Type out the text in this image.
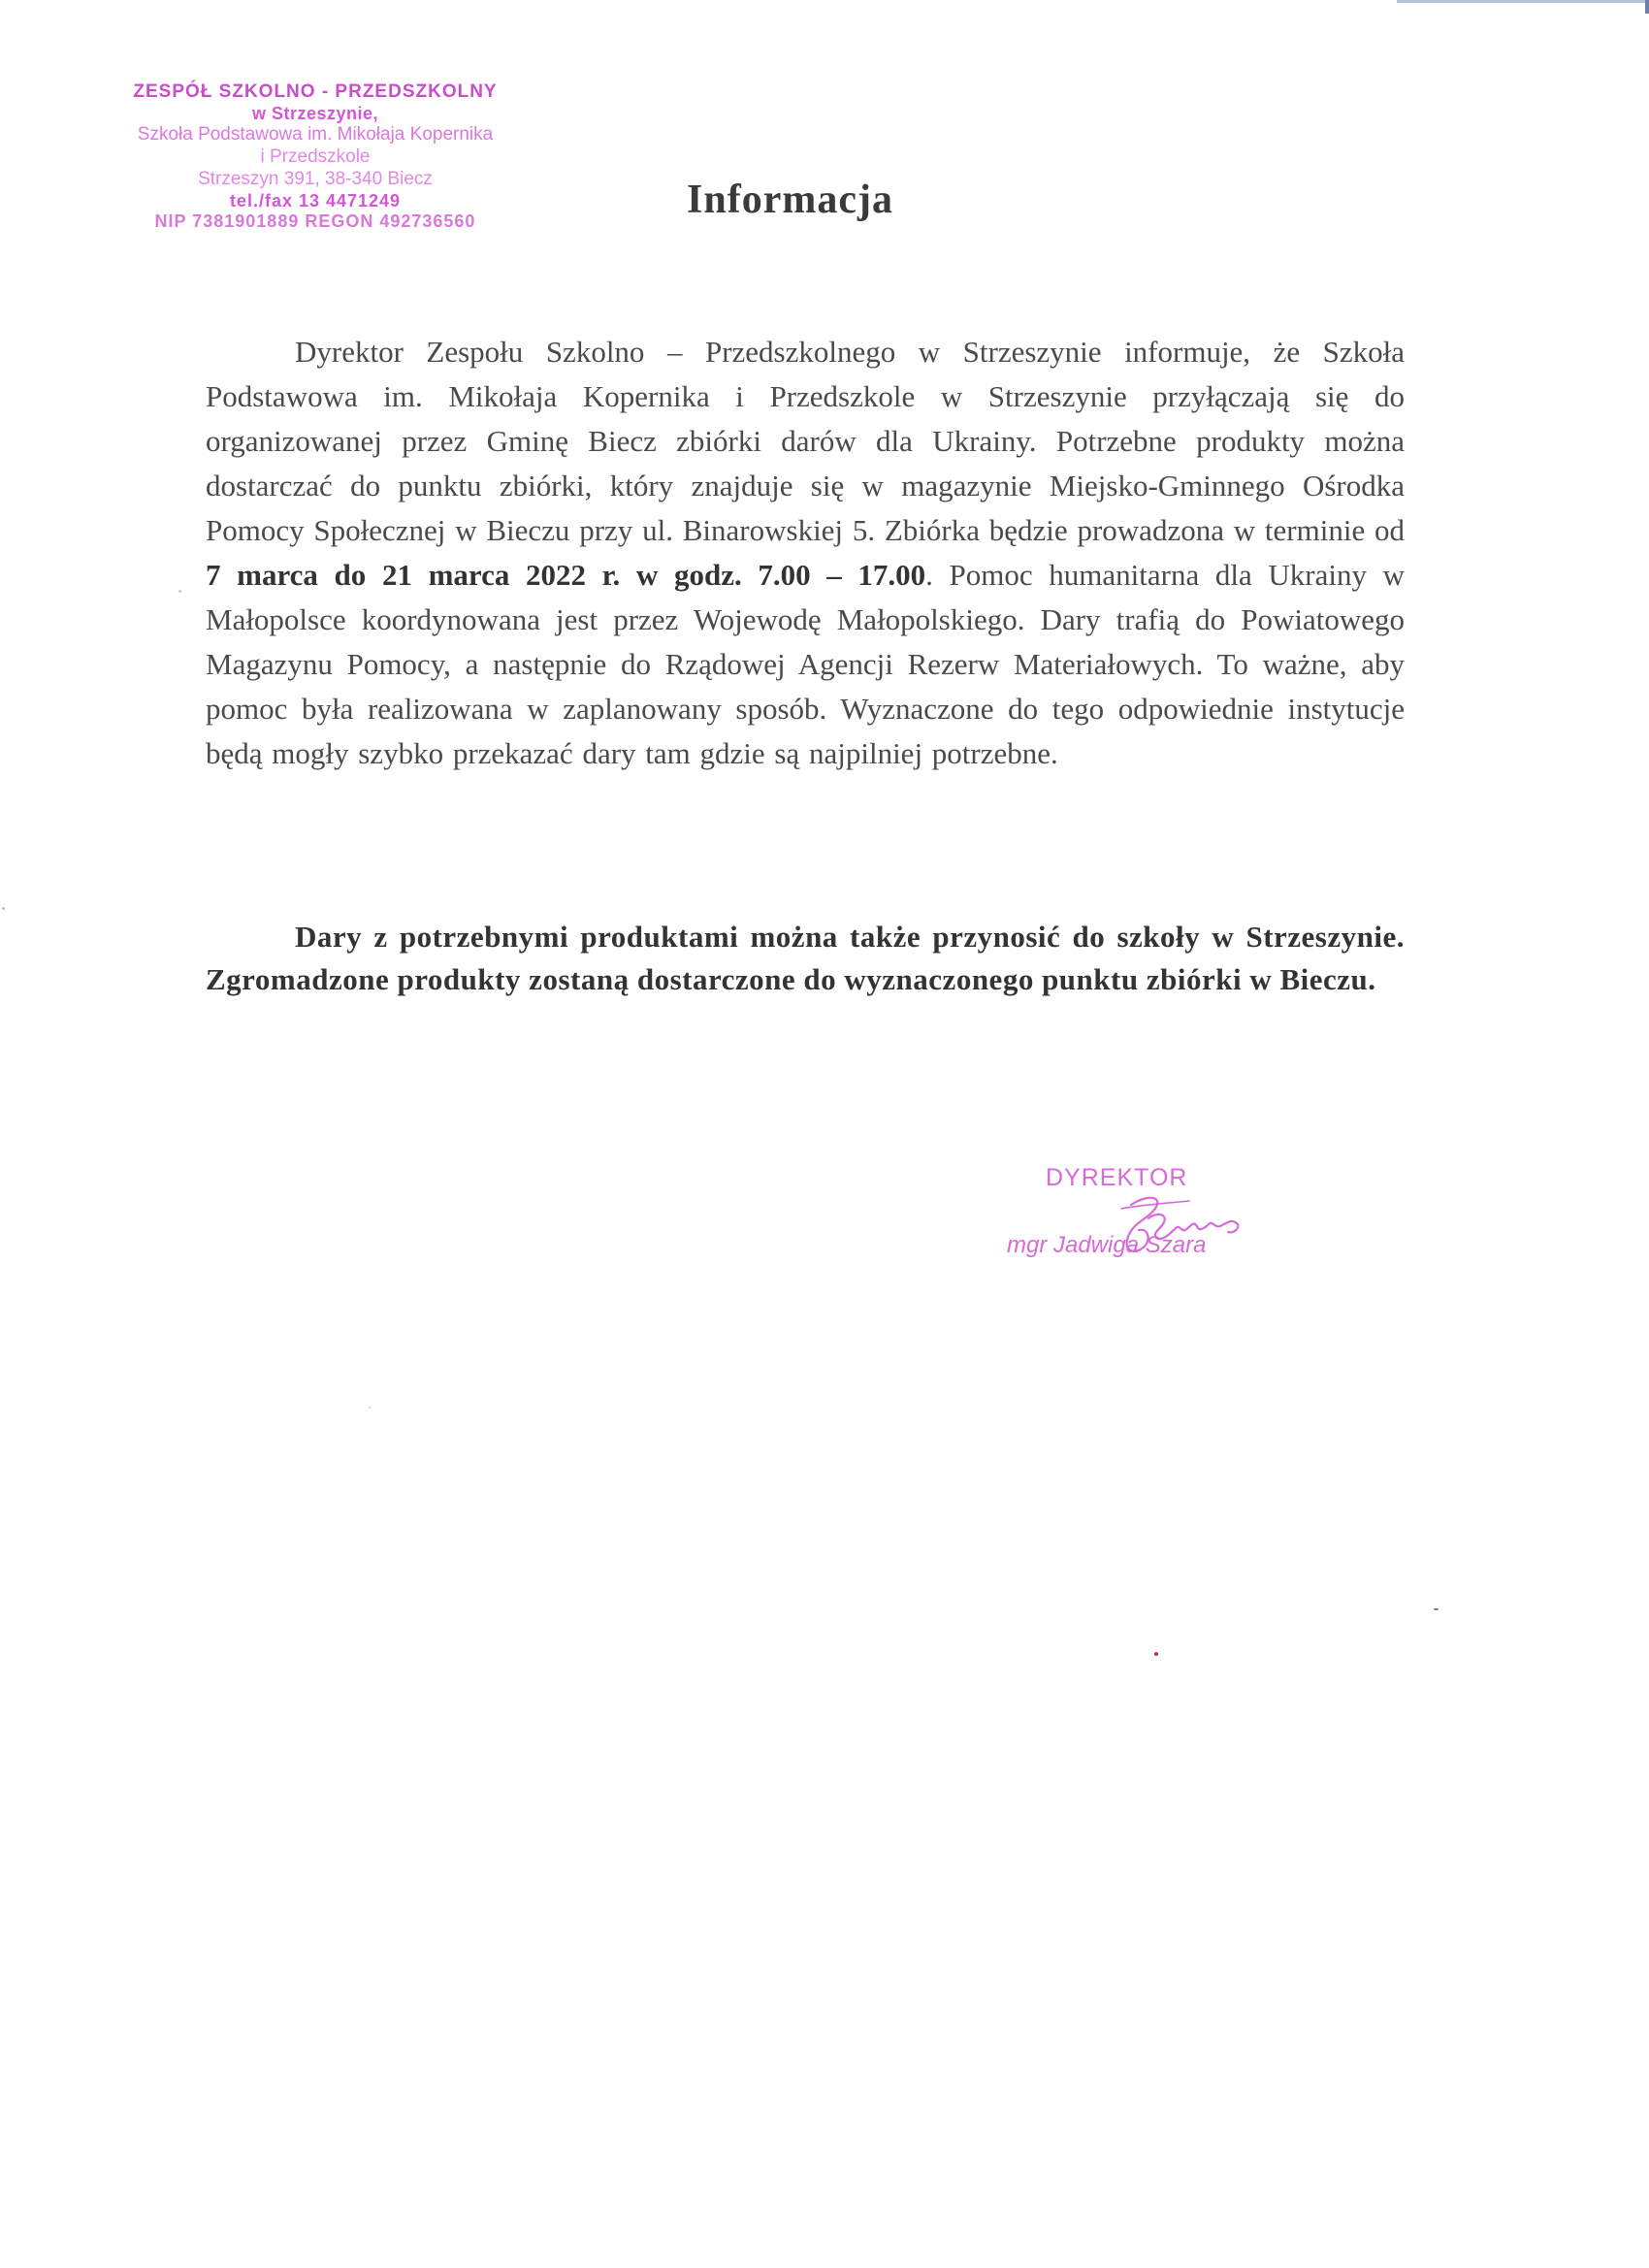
ZESPÓŁ SZKOLNO - PRZEDSZKOLNY
w Strzeszynie,
Szkoła Podstawowa im. Mikołaja Kopernika
i Przedszkole
Strzeszyn 391, 38-340 Biecz
tel./fax 13 4471249
NIP 7381901889 REGON 492736560	Informacja

Dyrektor Zespołu Szkolno – Przedszkolnego w Strzeszynie informuje, że Szkoła Podstawowa im. Mikołaja Kopernika i Przedszkole w Strzeszynie przyłączają się do organizowanej przez Gminę Biecz zbiórki darów dla Ukrainy. Potrzebne produkty można dostarczać do punktu zbiórki, który znajduje się w magazynie Miejsko-Gminnego Ośrodka Pomocy Społecznej w Bieczu przy ul. Binarowskiej 5. Zbiórka będzie prowadzona w terminie od 7 marca do 21 marca 2022 r. w godz. 7.00 – 17.00. Pomoc humanitarna dla Ukrainy w Małopolsce koordynowana jest przez Wojewodę Małopolskiego. Dary trafią do Powiatowego Magazynu Pomocy, a następnie do Rządowej Agencji Rezerw Materiałowych. To ważne, aby pomoc była realizowana w zaplanowany sposób. Wyznaczone do tego odpowiednie instytucje będą mogły szybko przekazać dary tam gdzie są najpilniej potrzebne.

Dary z potrzebnymi produktami można także przynosić do szkoły w Strzeszynie. Zgromadzone produkty zostaną dostarczone do wyznaczonego punktu zbiórki w Bieczu.

DYREKTOR
mgr Jadwiga Szara
